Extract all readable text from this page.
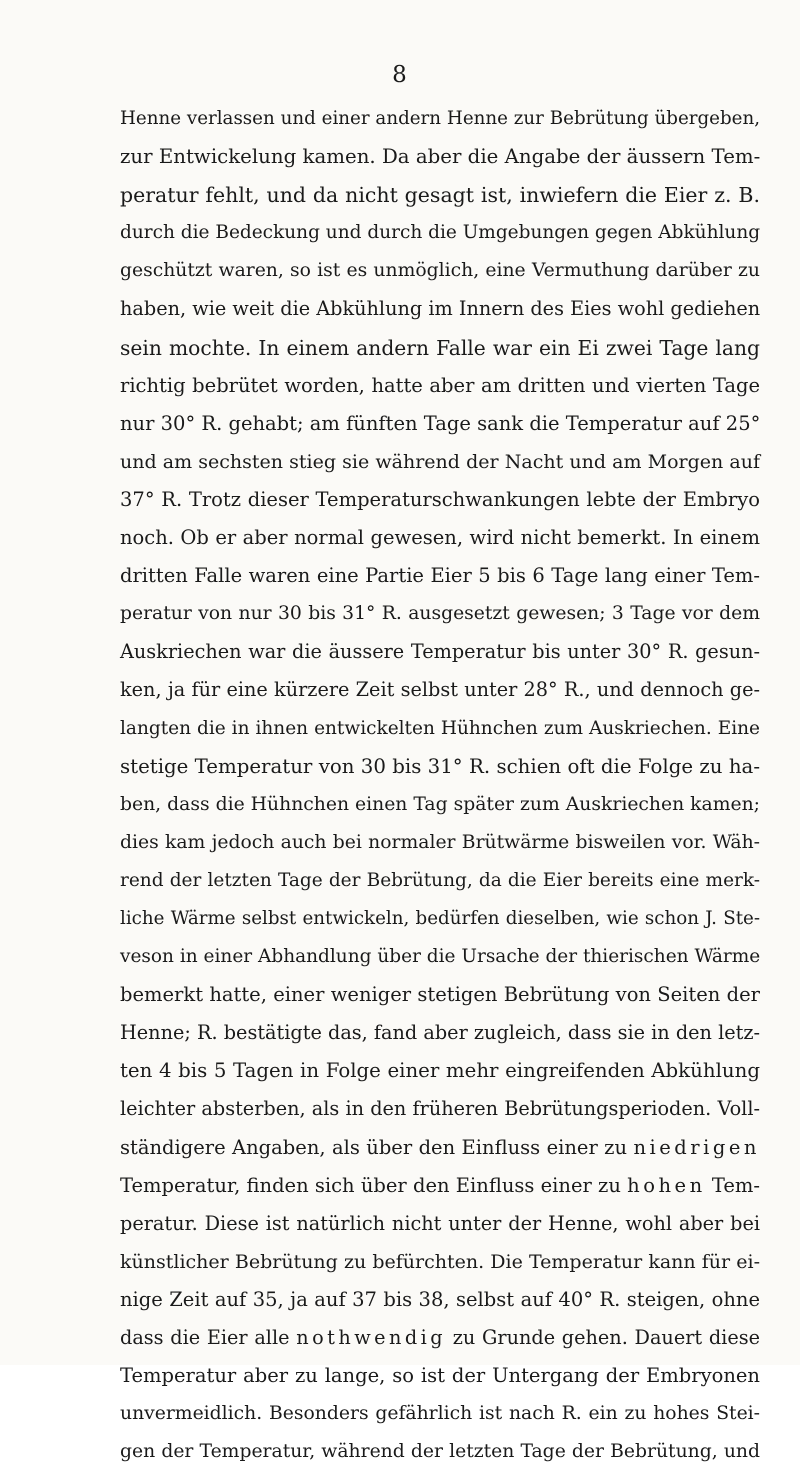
8
Henne verlassen und einer andern Henne zur Bebrütung übergeben,
zur Entwickelung kamen. Da aber die Angabe der äussern Tem-
peratur fehlt, und da nicht gesagt ist, inwiefern die Eier z. B.
durch die Bedeckung und durch die Umgebungen gegen Abkühlung
geschützt waren, so ist es unmöglich, eine Vermuthung darüber zu
haben, wie weit die Abkühlung im Innern des Eies wohl gediehen
sein mochte. In einem andern Falle war ein Ei zwei Tage lang
richtig bebrütet worden, hatte aber am dritten und vierten Tage
nur 30° R. gehabt; am fünften Tage sank die Temperatur auf 25°
und am sechsten stieg sie während der Nacht und am Morgen auf
37° R. Trotz dieser Temperaturschwankungen lebte der Embryo
noch. Ob er aber normal gewesen, wird nicht bemerkt. In einem
dritten Falle waren eine Partie Eier 5 bis 6 Tage lang einer Tem-
peratur von nur 30 bis 31° R. ausgesetzt gewesen; 3 Tage vor dem
Auskriechen war die äussere Temperatur bis unter 30° R. gesun-
ken, ja für eine kürzere Zeit selbst unter 28° R., und dennoch ge-
langten die in ihnen entwickelten Hühnchen zum Auskriechen. Eine
stetige Temperatur von 30 bis 31° R. schien oft die Folge zu ha-
ben, dass die Hühnchen einen Tag später zum Auskriechen kamen;
dies kam jedoch auch bei normaler Brütwärme bisweilen vor. Wäh-
rend der letzten Tage der Bebrütung, da die Eier bereits eine merk-
liche Wärme selbst entwickeln, bedürfen dieselben, wie schon J. Ste-
veson in einer Abhandlung über die Ursache der thierischen Wärme
bemerkt hatte, einer weniger stetigen Bebrütung von Seiten der
Henne; R. bestätigte das, fand aber zugleich, dass sie in den letz-
ten 4 bis 5 Tagen in Folge einer mehr eingreifenden Abkühlung
leichter absterben, als in den früheren Bebrütungsperioden. Voll-
ständigere Angaben, als über den Einfluss einer zu niedrigen
Temperatur, finden sich über den Einfluss einer zu hohen Tem-
peratur. Diese ist natürlich nicht unter der Henne, wohl aber bei
künstlicher Bebrütung zu befürchten. Die Temperatur kann für ei-
nige Zeit auf 35, ja auf 37 bis 38, selbst auf 40° R. steigen, ohne
dass die Eier alle nothwendig zu Grunde gehen. Dauert diese
Temperatur aber zu lange, so ist der Untergang der Embryonen
unvermeidlich. Besonders gefährlich ist nach R. ein zu hohes Stei-
gen der Temperatur, während der letzten Tage der Bebrütung, und
